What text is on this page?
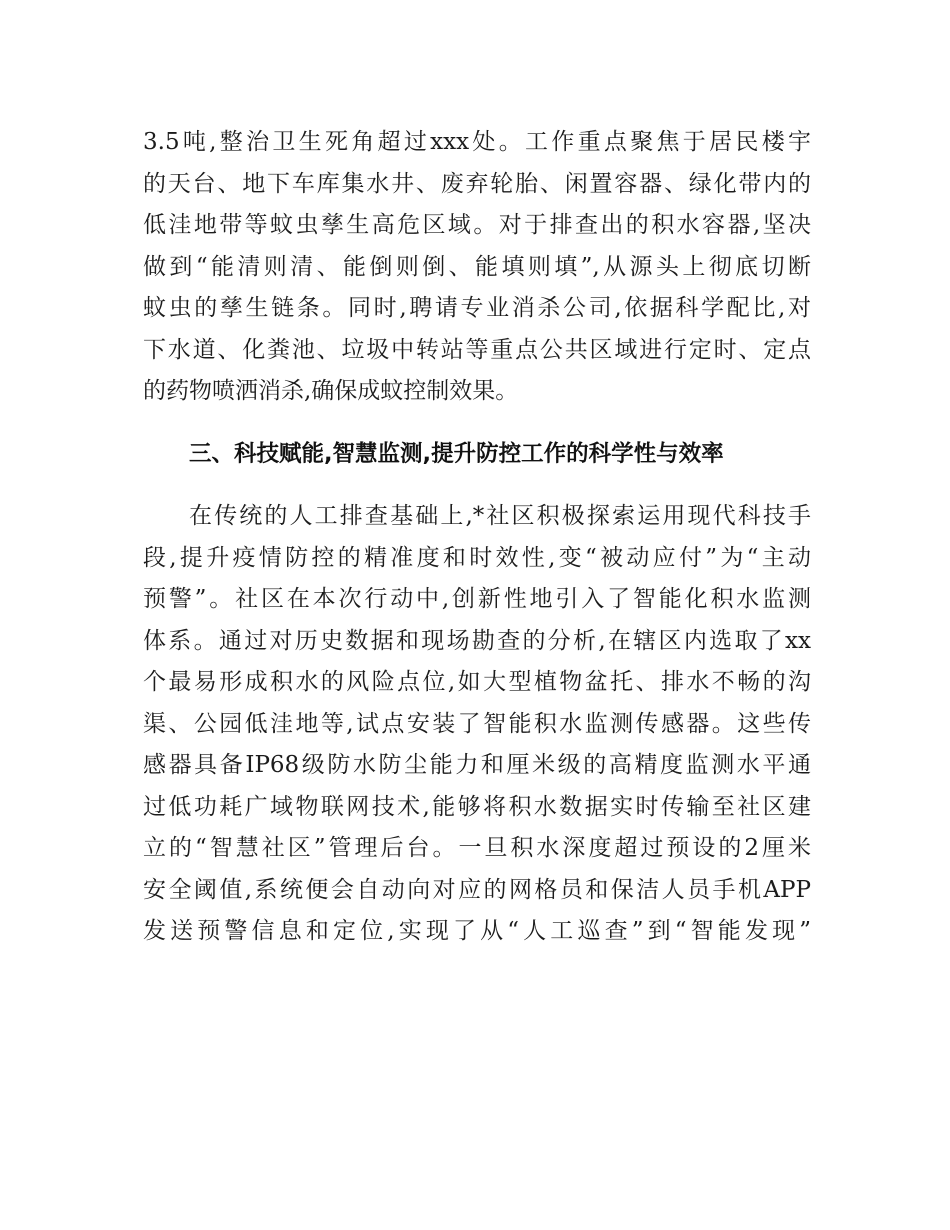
3.5吨,整治卫生死角超过xxx处。工作重点聚焦于居民楼宇
的天台、地下车库集水井、废弃轮胎、闲置容器、绿化带内的
低洼地带等蚊虫孳生高危区域。对于排查出的积水容器,坚决
做到“能清则清、能倒则倒、能填则填”,从源头上彻底切断
蚊虫的孳生链条。同时,聘请专业消杀公司,依据科学配比,对
下水道、化粪池、垃圾中转站等重点公共区域进行定时、定点
的药物喷洒消杀,确保成蚊控制效果。
三、科技赋能,智慧监测,提升防控工作的科学性与效率
在传统的人工排查基础上,*社区积极探索运用现代科技手
段,提升疫情防控的精准度和时效性,变“被动应付”为“主动
预警”。社区在本次行动中,创新性地引入了智能化积水监测
体系。通过对历史数据和现场勘查的分析,在辖区内选取了xx
个最易形成积水的风险点位,如大型植物盆托、排水不畅的沟
渠、公园低洼地等,试点安装了智能积水监测传感器。这些传
感器具备IP68级防水防尘能力和厘米级的高精度监测水平通
过低功耗广域物联网技术,能够将积水数据实时传输至社区建
立的“智慧社区”管理后台。一旦积水深度超过预设的2厘米
安全阈值,系统便会自动向对应的网格员和保洁人员手机APP
发送预警信息和定位,实现了从“人工巡查”到“智能发现”
